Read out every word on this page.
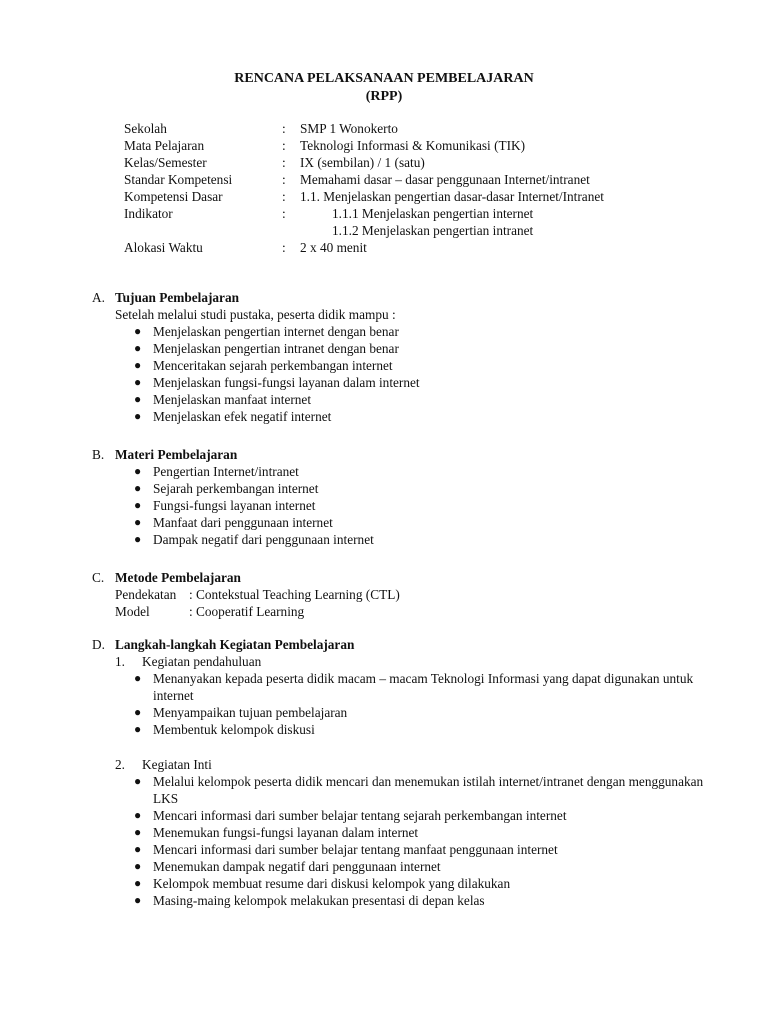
RENCANA PELAKSANAAN PEMBELAJARAN
(RPP)
Sekolah	:	SMP 1 Wonokerto
Mata Pelajaran	:	Teknologi Informasi & Komunikasi (TIK)
Kelas/Semester	:	IX (sembilan) / 1 (satu)
Standar Kompetensi	:	Memahami dasar – dasar penggunaan Internet/intranet
Kompetensi Dasar	:	1.1. Menjelaskan pengertian dasar-dasar Internet/Intranet
Indikator	:	1.1.1 Menjelaskan pengertian internet
1.1.2 Menjelaskan pengertian intranet
Alokasi Waktu	:	2 x 40 menit
A. Tujuan Pembelajaran
Setelah melalui studi pustaka, peserta didik mampu :
● Menjelaskan pengertian internet dengan benar
● Menjelaskan pengertian intranet dengan benar
● Menceritakan sejarah perkembangan internet
● Menjelaskan fungsi-fungsi layanan dalam internet
● Menjelaskan manfaat internet
● Menjelaskan efek negatif internet
B. Materi Pembelajaran
● Pengertian Internet/intranet
● Sejarah perkembangan internet
● Fungsi-fungsi layanan internet
● Manfaat dari penggunaan internet
● Dampak negatif dari penggunaan internet
C. Metode Pembelajaran
Pendekatan : Contekstual Teaching Learning (CTL)
Model	: Cooperatif Learning
D. Langkah-langkah Kegiatan Pembelajaran
1.	Kegiatan pendahuluan
● Menanyakan kepada peserta didik macam – macam Teknologi Informasi yang dapat digunakan untuk internet
● Menyampaikan tujuan pembelajaran
● Membentuk kelompok diskusi
2.	Kegiatan Inti
● Melalui kelompok peserta didik mencari dan menemukan istilah internet/intranet dengan menggunakan LKS
● Mencari informasi dari sumber belajar tentang sejarah perkembangan internet
● Menemukan fungsi-fungsi layanan dalam internet
● Mencari informasi dari sumber belajar tentang manfaat penggunaan internet
● Menemukan dampak negatif dari penggunaan internet
● Kelompok membuat resume dari diskusi kelompok yang dilakukan
● Masing-maing kelompok melakukan presentasi di depan kelas
